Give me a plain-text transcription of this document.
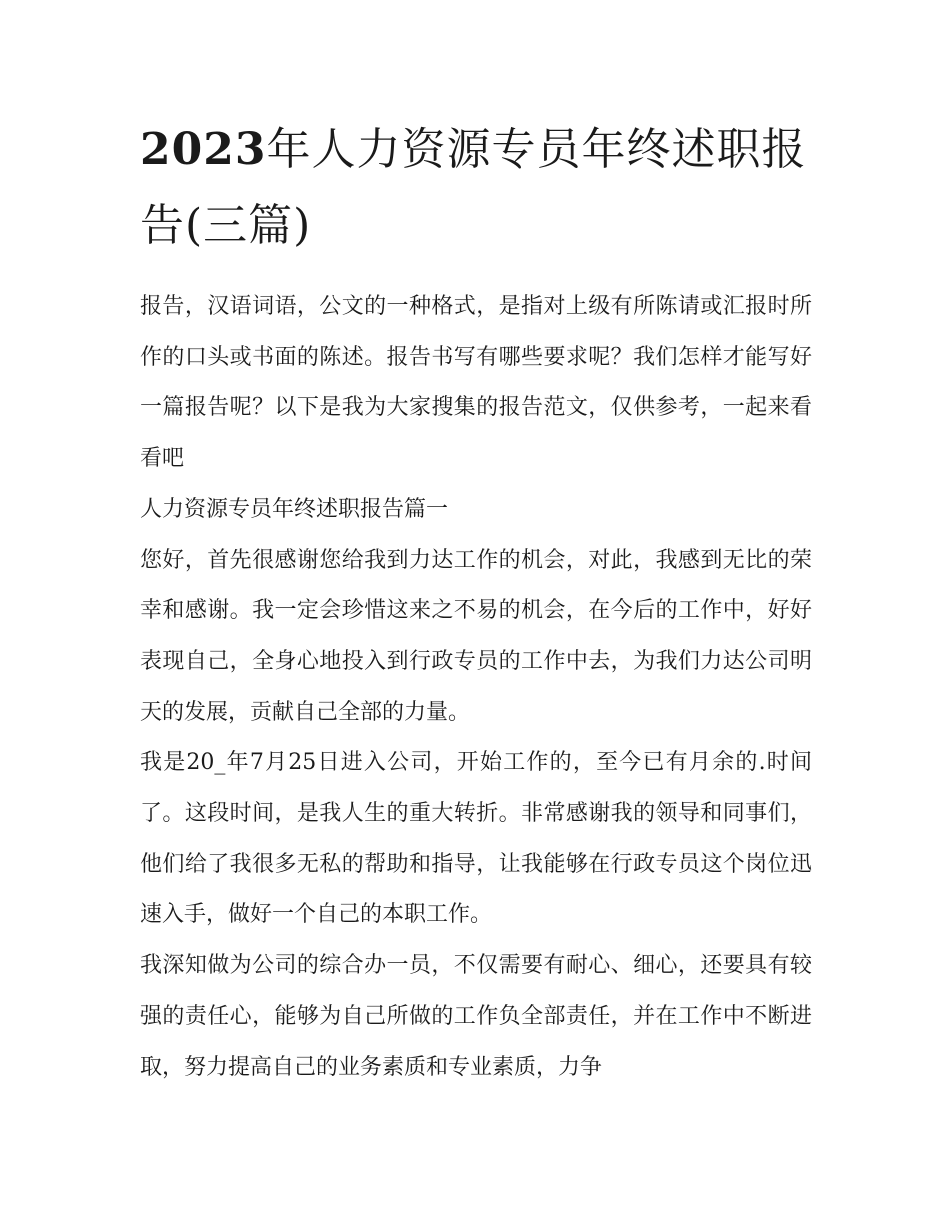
2023年人力资源专员年终述职报告(三篇)

报告，汉语词语，公文的一种格式，是指对上级有所陈请或汇报时所作的口头或书面的陈述。报告书写有哪些要求呢？我们怎样才能写好一篇报告呢？以下是我为大家搜集的报告范文，仅供参考，一起来看看吧

人力资源专员年终述职报告篇一

您好，首先很感谢您给我到力达工作的机会，对此，我感到无比的荣幸和感谢。我一定会珍惜这来之不易的机会，在今后的工作中，好好表现自己，全身心地投入到行政专员的工作中去，为我们力达公司明天的发展，贡献自己全部的力量。

我是20_年7月25日进入公司，开始工作的，至今已有月余的.时间了。这段时间，是我人生的重大转折。非常感谢我的领导和同事们，他们给了我很多无私的帮助和指导，让我能够在行政专员这个岗位迅速入手，做好一个自己的本职工作。

我深知做为公司的综合办一员，不仅需要有耐心、细心，还要具有较强的责任心，能够为自己所做的工作负全部责任，并在工作中不断进取，努力提高自己的业务素质和专业素质，力争
